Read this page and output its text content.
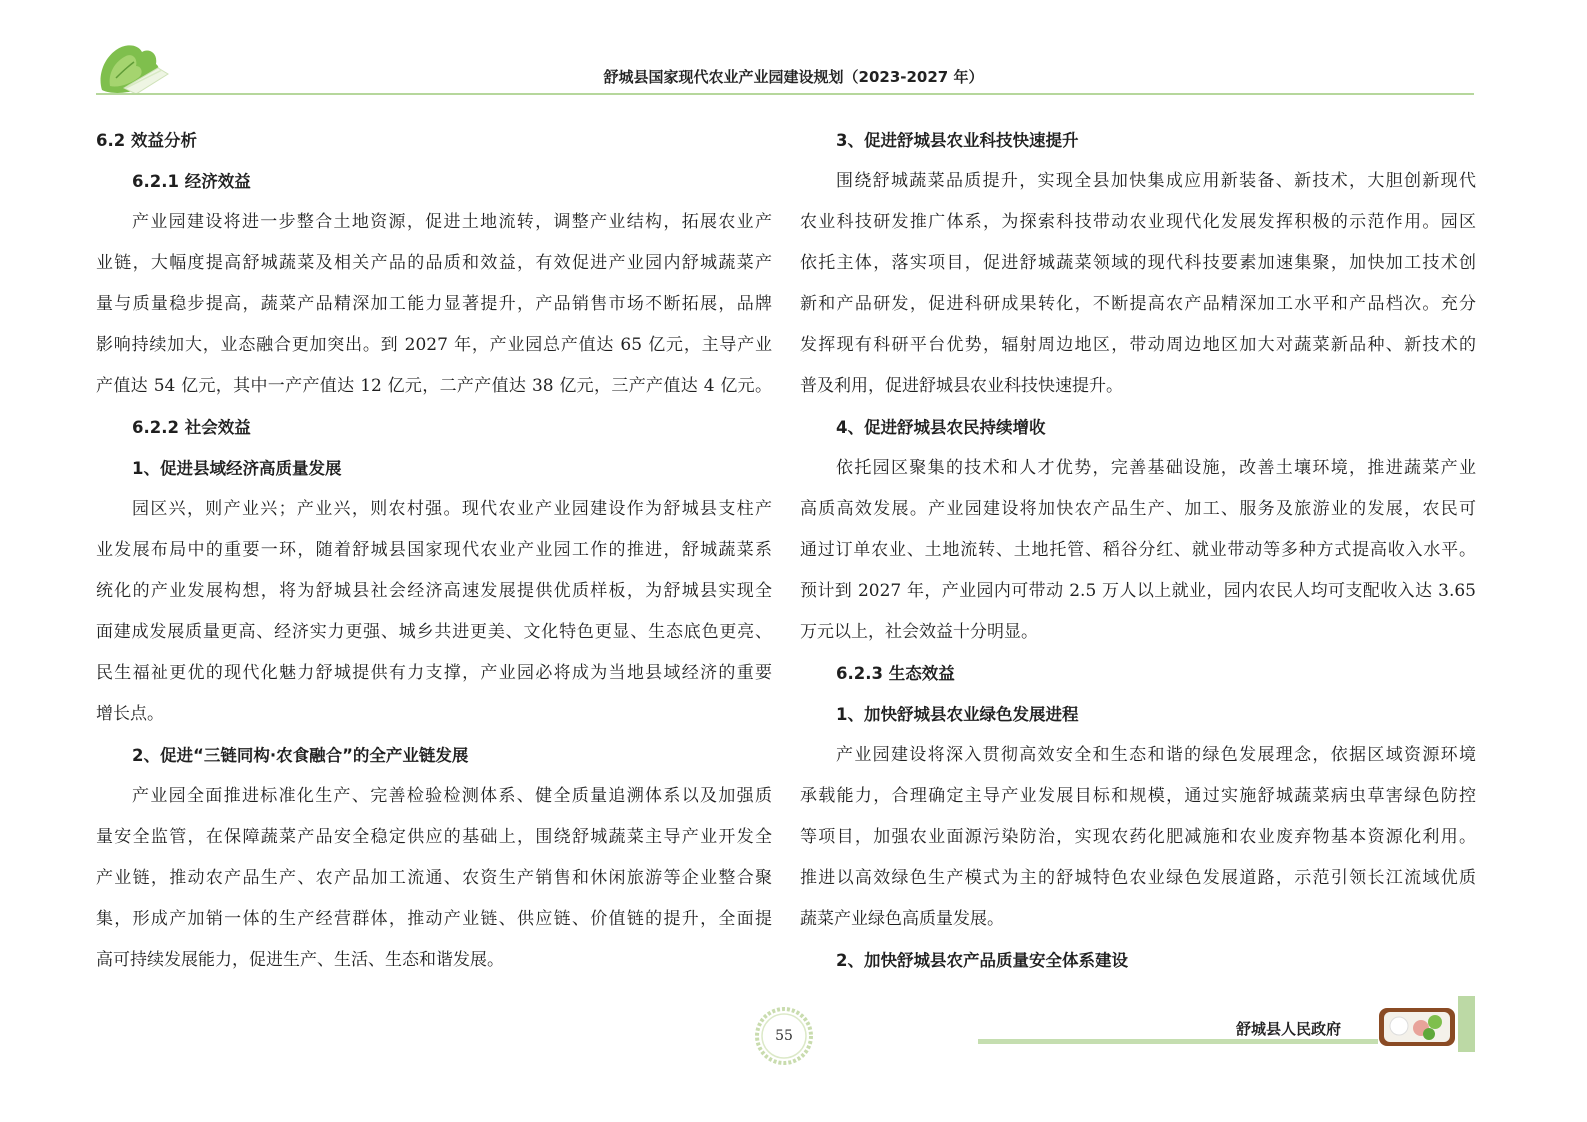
舒城县国家现代农业产业园建设规划（2023-2027 年）
6.2 效益分析
6.2.1 经济效益
产业园建设将进一步整合土地资源，促进土地流转，调整产业结构，拓展农业产
业链，大幅度提高舒城蔬菜及相关产品的品质和效益，有效促进产业园内舒城蔬菜产
量与质量稳步提高，蔬菜产品精深加工能力显著提升，产品销售市场不断拓展，品牌
影响持续加大，业态融合更加突出。到 2027 年，产业园总产值达 65 亿元，主导产业
产值达 54 亿元，其中一产产值达 12 亿元，二产产值达 38 亿元，三产产值达 4 亿元。
6.2.2 社会效益
1、促进县域经济高质量发展
园区兴，则产业兴；产业兴，则农村强。现代农业产业园建设作为舒城县支柱产
业发展布局中的重要一环，随着舒城县国家现代农业产业园工作的推进，舒城蔬菜系
统化的产业发展构想，将为舒城县社会经济高速发展提供优质样板，为舒城县实现全
面建成发展质量更高、经济实力更强、城乡共进更美、文化特色更显、生态底色更亮、
民生福祉更优的现代化魅力舒城提供有力支撑，产业园必将成为当地县域经济的重要
增长点。
2、促进“三链同构·农食融合”的全产业链发展
产业园全面推进标准化生产、完善检验检测体系、健全质量追溯体系以及加强质
量安全监管，在保障蔬菜产品安全稳定供应的基础上，围绕舒城蔬菜主导产业开发全
产业链，推动农产品生产、农产品加工流通、农资生产销售和休闲旅游等企业整合聚
集，形成产加销一体的生产经营群体，推动产业链、供应链、价值链的提升，全面提
高可持续发展能力，促进生产、生活、生态和谐发展。
3、促进舒城县农业科技快速提升
围绕舒城蔬菜品质提升，实现全县加快集成应用新装备、新技术，大胆创新现代
农业科技研发推广体系，为探索科技带动农业现代化发展发挥积极的示范作用。园区
依托主体，落实项目，促进舒城蔬菜领域的现代科技要素加速集聚，加快加工技术创
新和产品研发，促进科研成果转化，不断提高农产品精深加工水平和产品档次。充分
发挥现有科研平台优势，辐射周边地区，带动周边地区加大对蔬菜新品种、新技术的
普及利用，促进舒城县农业科技快速提升。
4、促进舒城县农民持续增收
依托园区聚集的技术和人才优势，完善基础设施，改善土壤环境，推进蔬菜产业
高质高效发展。产业园建设将加快农产品生产、加工、服务及旅游业的发展，农民可
通过订单农业、土地流转、土地托管、稻谷分红、就业带动等多种方式提高收入水平。
预计到 2027 年，产业园内可带动 2.5 万人以上就业，园内农民人均可支配收入达 3.65
万元以上，社会效益十分明显。
6.2.3 生态效益
1、加快舒城县农业绿色发展进程
产业园建设将深入贯彻高效安全和生态和谐的绿色发展理念，依据区域资源环境
承载能力，合理确定主导产业发展目标和规模，通过实施舒城蔬菜病虫草害绿色防控
等项目，加强农业面源污染防治，实现农药化肥减施和农业废弃物基本资源化利用。
推进以高效绿色生产模式为主的舒城特色农业绿色发展道路，示范引领长江流域优质
蔬菜产业绿色高质量发展。
2、加快舒城县农产品质量安全体系建设
55	舒城县人民政府
